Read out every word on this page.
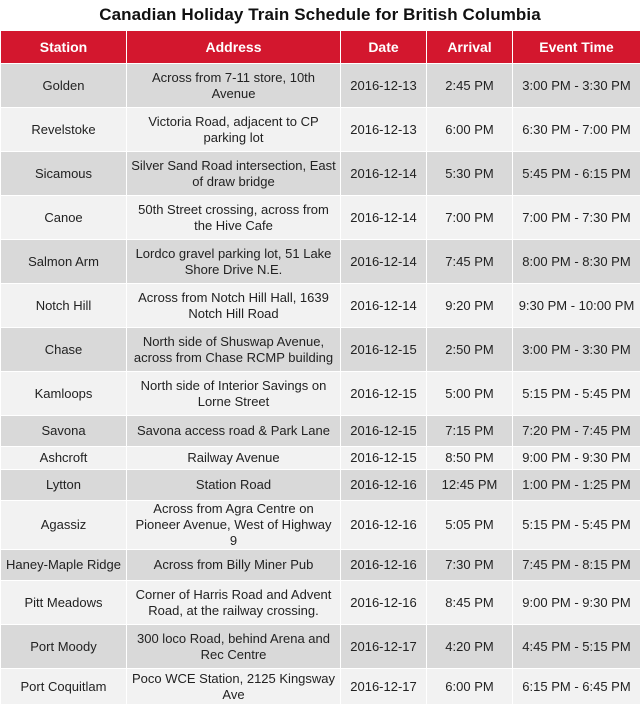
Canadian Holiday Train Schedule for British Columbia
Station	Address	Date	Arrival	Event Time
Golden	Across from 7-11 store, 10th Avenue	2016-12-13	2:45 PM	3:00 PM - 3:30 PM
Revelstoke	Victoria Road, adjacent to CP parking lot	2016-12-13	6:00 PM	6:30 PM - 7:00 PM
Sicamous	Silver Sand Road intersection, East of draw bridge	2016-12-14	5:30 PM	5:45 PM - 6:15 PM
Canoe	50th Street crossing, across from the Hive Cafe	2016-12-14	7:00 PM	7:00 PM - 7:30 PM
Salmon Arm	Lordco gravel parking lot, 51 Lake Shore Drive N.E.	2016-12-14	7:45 PM	8:00 PM - 8:30 PM
Notch Hill	Across from Notch Hill Hall, 1639 Notch Hill Road	2016-12-14	9:20 PM	9:30 PM - 10:00 PM
Chase	North side of Shuswap Avenue, across from Chase RCMP building	2016-12-15	2:50 PM	3:00 PM - 3:30 PM
Kamloops	North side of Interior Savings on Lorne Street	2016-12-15	5:00 PM	5:15 PM - 5:45 PM
Savona	Savona access road & Park Lane	2016-12-15	7:15 PM	7:20 PM - 7:45 PM
Ashcroft	Railway Avenue	2016-12-15	8:50 PM	9:00 PM - 9:30 PM
Lytton	Station Road	2016-12-16	12:45 PM	1:00 PM - 1:25 PM
Agassiz	Across from Agra Centre on Pioneer Avenue, West of Highway 9	2016-12-16	5:05 PM	5:15 PM - 5:45 PM
Haney-Maple Ridge	Across from Billy Miner Pub	2016-12-16	7:30 PM	7:45 PM - 8:15 PM
Pitt Meadows	Corner of Harris Road and Advent Road, at the railway crossing.	2016-12-16	8:45 PM	9:00 PM - 9:30 PM
Port Moody	300 loco Road, behind Arena and Rec Centre	2016-12-17	4:20 PM	4:45 PM - 5:15 PM
Port Coquitlam	Poco WCE Station, 2125 Kingsway Ave	2016-12-17	6:00 PM	6:15 PM - 6:45 PM
